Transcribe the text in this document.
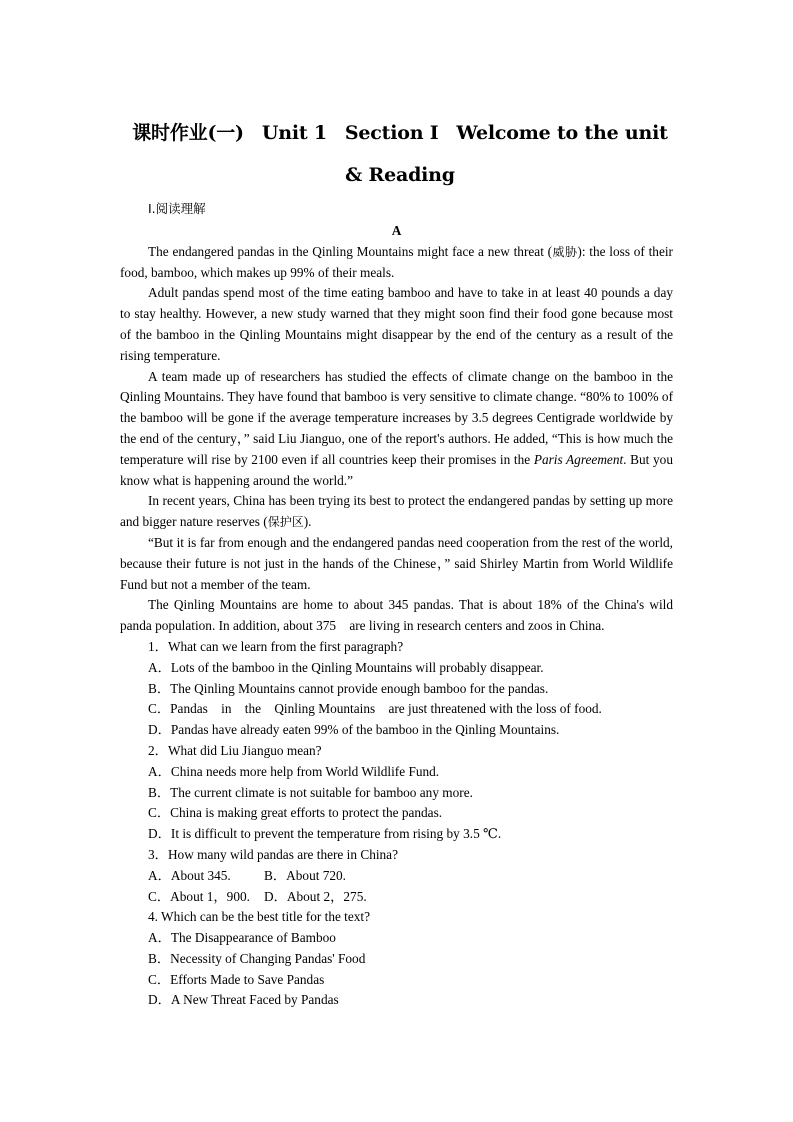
课时作业(一) Unit 1 Section Ⅰ Welcome to the unit
& Reading
Ⅰ.阅读理解
A

The endangered pandas in the Qinling Mountains might face a new threat (威胁): the loss of their food, bamboo, which makes up 99% of their meals.

Adult pandas spend most of the time eating bamboo and have to take in at least 40 pounds a day to stay healthy. However, a new study warned that they might soon find their food gone because most of the bamboo in the Qinling Mountains might disappear by the end of the century as a result of the rising temperature.

A team made up of researchers has studied the effects of climate change on the bamboo in the Qinling Mountains. They have found that bamboo is very sensitive to climate change. “80% to 100% of the bamboo will be gone if the average temperature increases by 3.5 degrees Centigrade worldwide by the end of the century，” said Liu Jianguo, one of the report's authors. He added, “This is how much the temperature will rise by 2100 even if all countries keep their promises in the Paris Agreement. But you know what is happening around the world.”

In recent years, China has been trying its best to protect the endangered pandas by setting up more and bigger nature reserves (保护区).

“But it is far from enough and the endangered pandas need cooperation from the rest of the world, because their future is not just in the hands of the Chinese，” said Shirley Martin from World Wildlife Fund but not a member of the team.

The Qinling Mountains are home to about 345 pandas. That is about 18% of the China's wild panda population. In addition, about 375　are living in research centers and zoos in China.

1．What can we learn from the first paragraph?

A．Lots of the bamboo in the Qinling Mountains will probably disappear.

B．The Qinling Mountains cannot provide enough bamboo for the pandas.

C．Pandas　in　the　Qinling Mountains　are just threatened with the loss of food.

D．Pandas have already eaten 99% of the bamboo in the Qinling Mountains.

2．What did Liu Jianguo mean?

A．China needs more help from World Wildlife Fund.

B．The current climate is not suitable for bamboo any more.

C．China is making great efforts to protect the pandas.

D．It is difficult to prevent the temperature from rising by 3.5 ℃.

3．How many wild pandas are there in China?

A．About 345.	B．About 720.

C．About 1，900. D．About 2，275.

4. Which can be the best title for the text?

A．The Disappearance of Bamboo

B．Necessity of Changing Pandas' Food

C．Efforts Made to Save Pandas

D．A New Threat Faced by Pandas
